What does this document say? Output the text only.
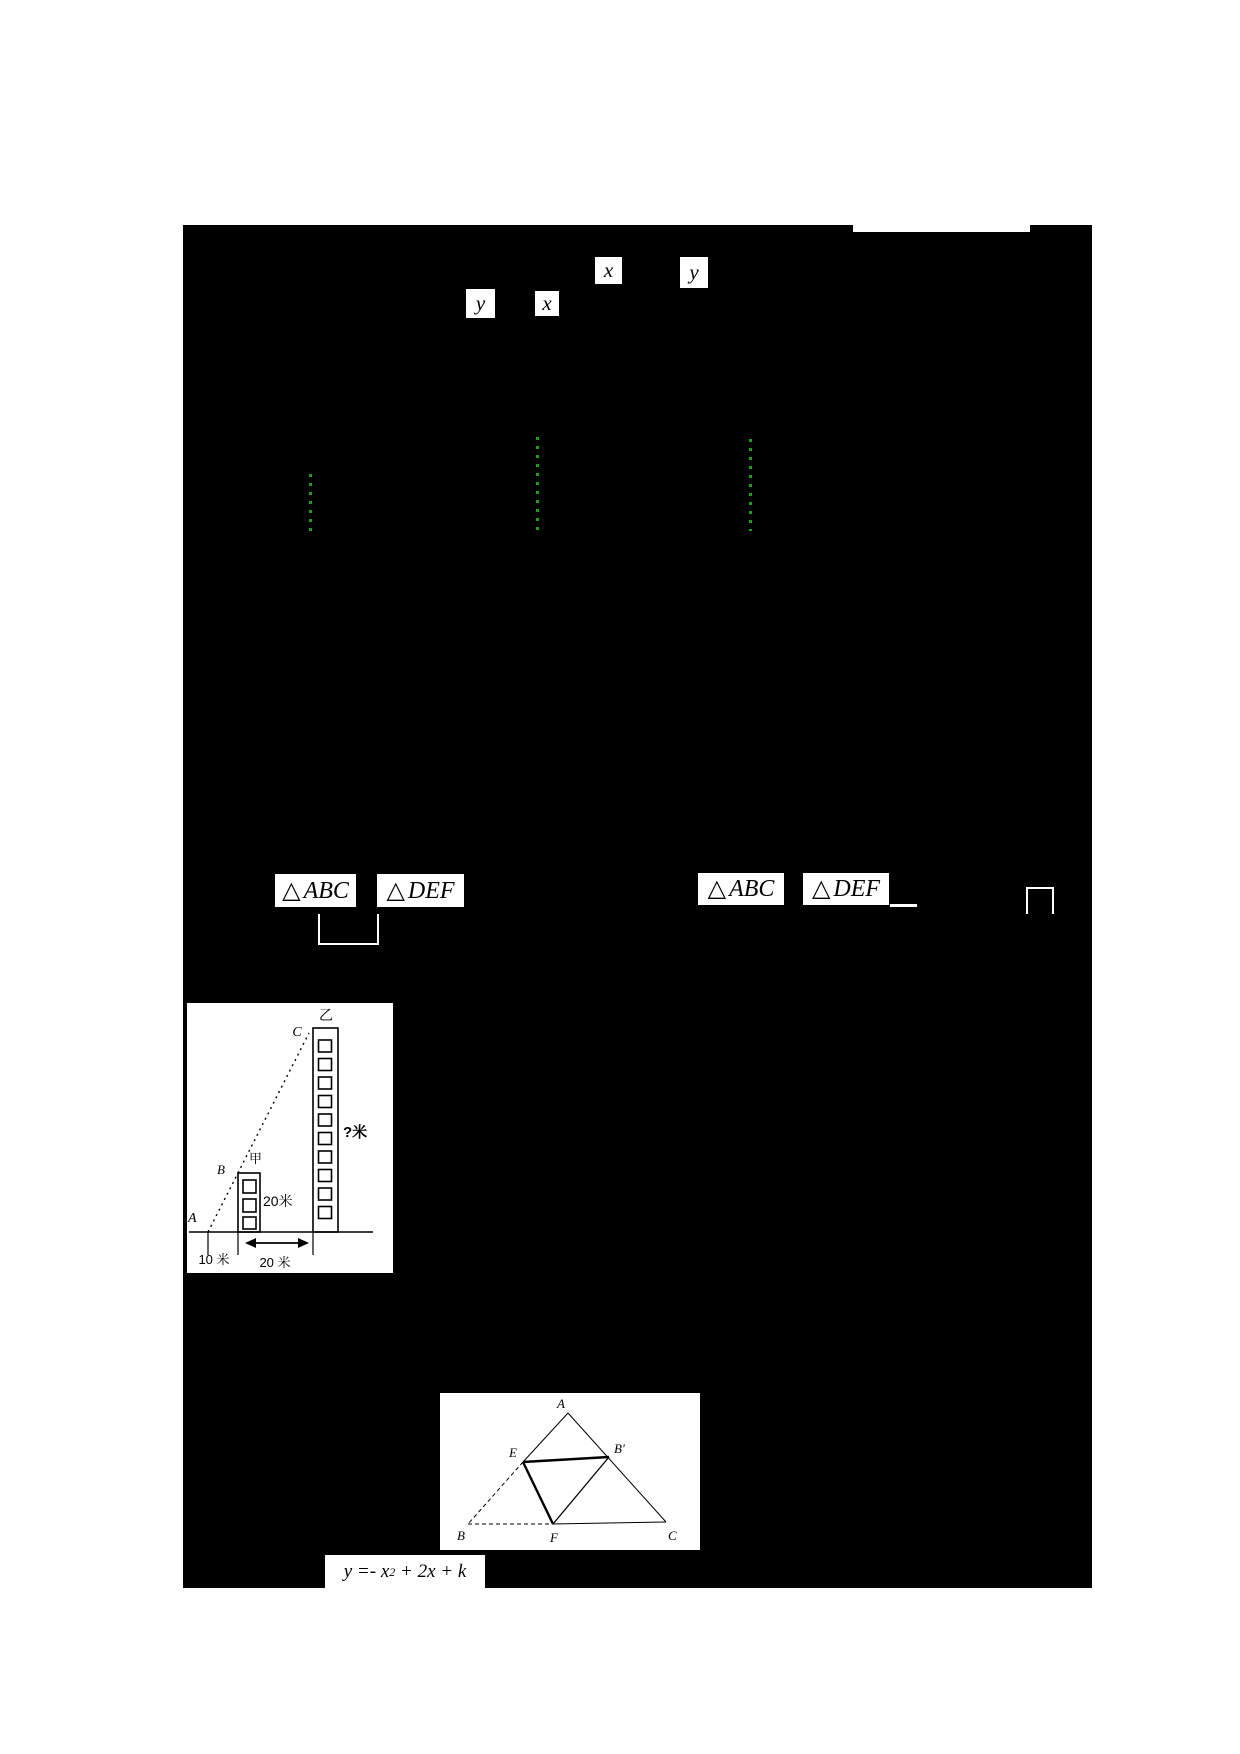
x	y
y	x
△ ABC △ DEF	△ ABC △ DEF
乙
C
?米
甲
B
20米
A
10 米 20 米
A
E	B′
B	F	C
y =- x 2 + 2x + k
